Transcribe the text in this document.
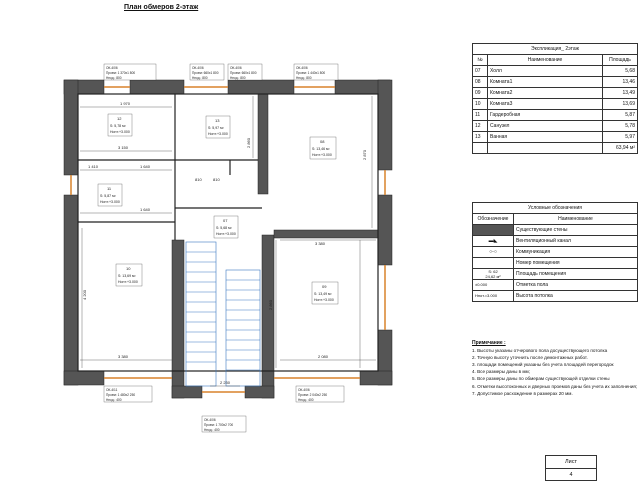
План обмеров 2-этаж
1 970
3 150
1 410	1 640
3 380
3 380
2 230
2 870
2 080
2 860
4 200
2 860
810	810
1 640
12
S: 5,78 м²
Ноnт:+3.000
13
S: 5,97 м²
Ноnт:+3.000
08
S: 13,46 м²
Ноnт:+3.000
11
S: 5,87 м²
Ноnт:+3.000
07
S: 5,68 м²
Ноnт:+3.000
10
S: 13,69 м²
Ноnт:+3.000
09
S: 13,49 м²
Ноnт:+3.000
ОК-4/06
Проем: 1 370х1 800
Нпод.: 800
ОК-4/06
Проем: 660х1 800
Нпод.: 800
ОК-4/06
Проем: 660х1 800
Нпод.: 800
ОК-4/06
Проем: 1 440х1 800
Нпод.: 800
ОК-4/11
Проем: 1 480х2 250
Нпод.: 400
ОК-4/06
Проем: 2 040х2 250
Нпод.: 400
ОК-4/06
Проем: 1 700х2 700
Нпод.: 400
Экспликация_ 2этаж		
№	Наименование	Площадь
07	Холл	5,68
08	Комната1	13,46
09	Комната2	13,49
10	Комната3	13,69
11	Гардеробная	5,87
12	Санузел	5,78
13	Ванная	5,97
		63,94 м²
Условные обозначения	
Обозначение	Наименование
	Существующие стены
▬◣	Вентиляционный канал
○-○	Коммуникация
	Номер помещения
S: 62
24,62 м²	Площадь помещения
±0.000	Отметка пола
Нпот.=3.000	Высота потолка
Примечание :
1. Высоты указаны отчерового пола досуществующего потолка
2. Точную высоту уточнить после демонтажных работ.
3. площади помещений указаны без учета площадей перегородок
4. Все размеры даны в мм;
5. Все размеры даны по обмерам существующей отделки стены
6. Отметки высотоконных и дверных проемов даны без учета их заполнения;
7. Допустимое расхождение в размерах 20 мм.
Лист
4
